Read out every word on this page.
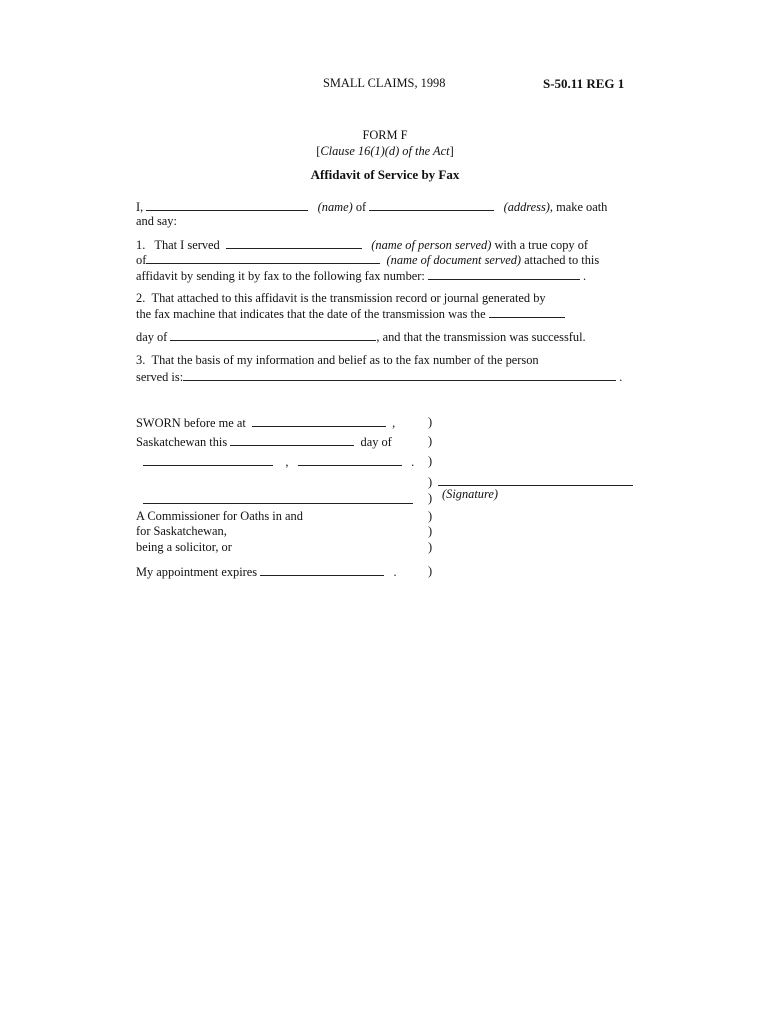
SMALL CLAIMS, 1998	S-50.11 REG 1
FORM F
[Clause 16(1)(d) of the Act]
Affidavit of Service by Fax
I,	(name) of	(address), make oath
and say:
1. That I served	(name of person served) with a true copy of
of	(name of document served) attached to this
affidavit by sending it by fax to the following fax number:	.
2. That attached to this affidavit is the transmission record or journal generated by
the fax machine that indicates that the date of the transmission was the
day of	, and that the transmission was successful.
3. That the basis of my information and belief as to the fax number of the person
served is:	.
SWORN before me at	,
Saskatchewan this	day of
,	.
A Commissioner for Oaths in and
for Saskatchewan,
being a solicitor, or
My appointment expires	.
)
)
)
)
)
)
)
)
)
(Signature)
